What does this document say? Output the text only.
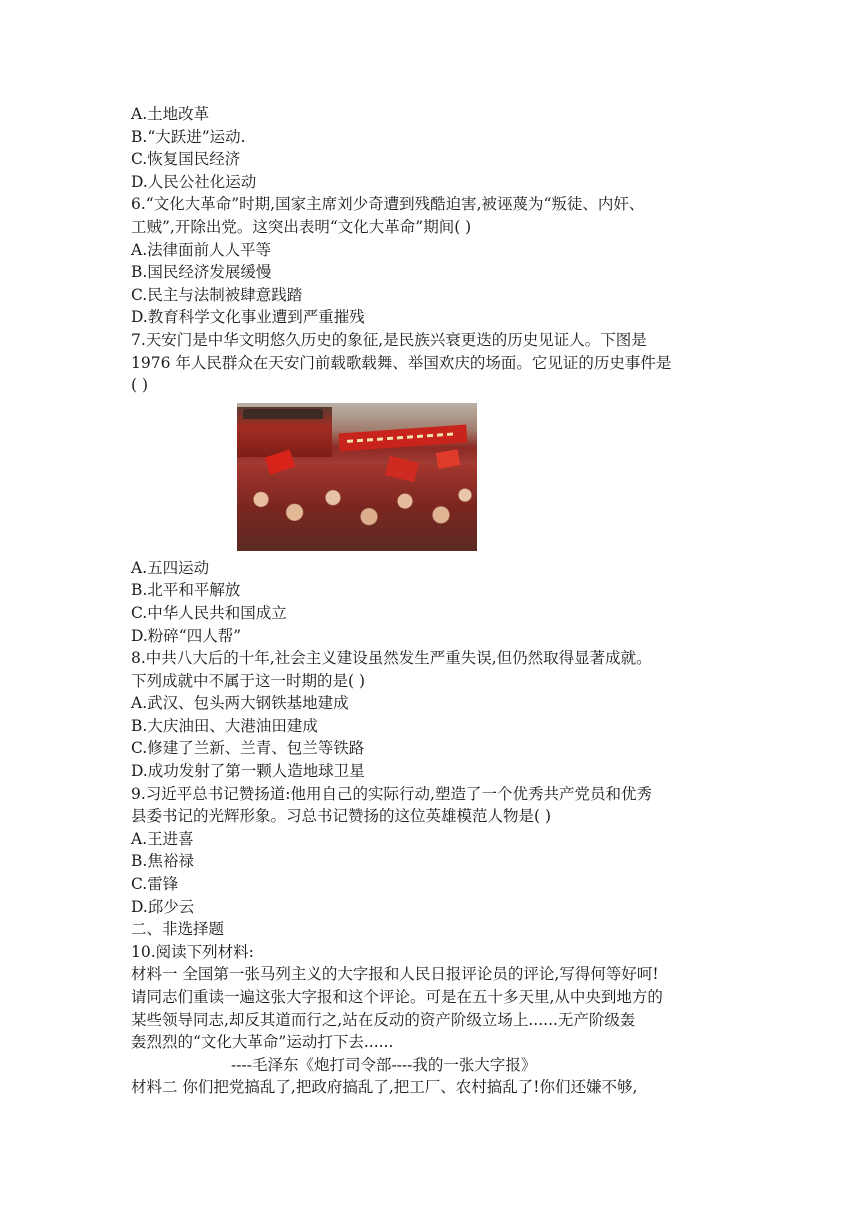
A.土地改革
B.“大跃进”运动.
C.恢复国民经济
D.人民公社化运动
6.“文化大革命”时期,国家主席刘少奇遭到残酷迫害,被诬蔑为“叛徒、内奸、
工贼”,开除出党。这突出表明“文化大革命”期间( )
A.法律面前人人平等
B.国民经济发展缓慢
C.民主与法制被肆意践踏
D.教育科学文化事业遭到严重摧残
7.天安门是中华文明悠久历史的象征,是民族兴衰更迭的历史见证人。下图是
1976 年人民群众在天安门前载歌载舞、举国欢庆的场面。它见证的历史事件是
( )
A.五四运动
B.北平和平解放
C.中华人民共和国成立
D.粉碎“四人帮”
8.中共八大后的十年,社会主义建设虽然发生严重失误,但仍然取得显著成就。
下列成就中不属于这一时期的是( )
A.武汉、包头两大钢铁基地建成
B.大庆油田、大港油田建成
C.修建了兰新、兰青、包兰等铁路
D.成功发射了第一颗人造地球卫星
9.习近平总书记赞扬道:他用自己的实际行动,塑造了一个优秀共产党员和优秀
县委书记的光辉形象。习总书记赞扬的这位英雄模范人物是( )
A.王进喜
B.焦裕禄
C.雷锋
D.邱少云
二、非选择题
10.阅读下列材料:
材料一 全国第一张马列主义的大字报和人民日报评论员的评论,写得何等好呵!
请同志们重读一遍这张大字报和这个评论。可是在五十多天里,从中央到地方的
某些领导同志,却反其道而行之,站在反动的资产阶级立场上......无产阶级轰
轰烈烈的“文化大革命”运动打下去......
----毛泽东《炮打司令部----我的一张大字报》
材料二 你们把党搞乱了,把政府搞乱了,把工厂、农村搞乱了!你们还嫌不够,
